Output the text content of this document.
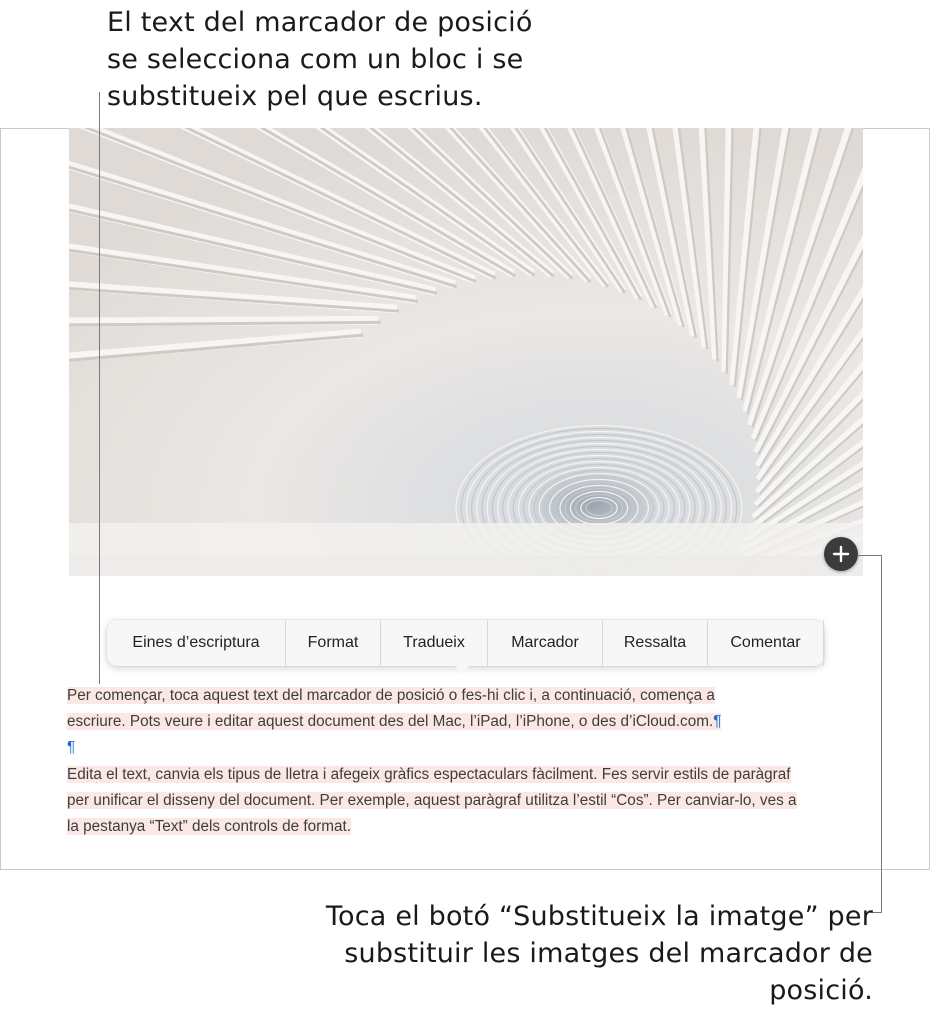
El text del marcador de posició
se selecciona com un bloc i se
substitueix pel que escrius.
Eines d’escriptura	Format	Tradueix	Marcador	Ressalta	Comentar
Per començar, toca aquest text del marcador de posició o fes-hi clic i, a continuació, comença a
escriure. Pots veure i editar aquest document des del Mac, l’iPad, l’iPhone, o des d’iCloud.com.¶
¶
Edita el text, canvia els tipus de lletra i afegeix gràfics espectaculars fàcilment. Fes servir estils de paràgraf
per unificar el disseny del document. Per exemple, aquest paràgraf utilitza l’estil “Cos”. Per canviar-lo, ves a
la pestanya “Text” dels controls de format.
Toca el botó “Substitueix la imatge” per
substituir les imatges del marcador de posició.
